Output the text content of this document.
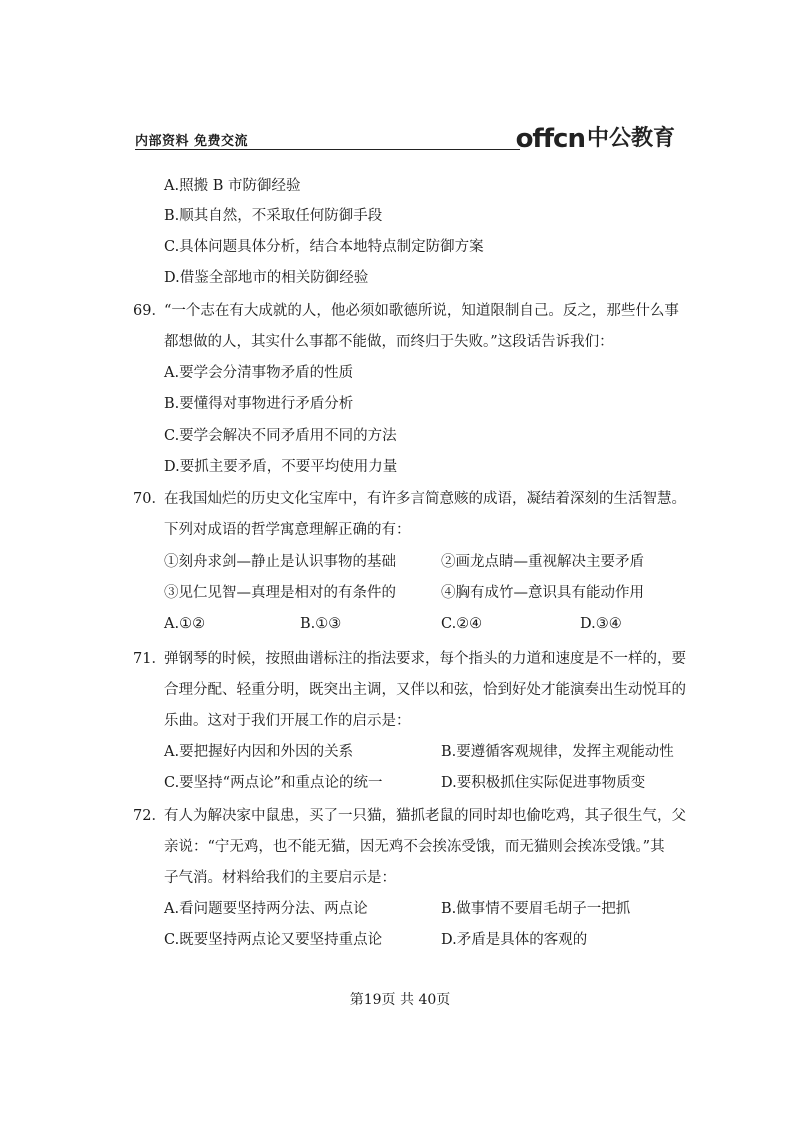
内部资料 免费交流	offcn 中公教育
A.照搬 B 市防御经验
B.顺其自然，不采取任何防御手段
C.具体问题具体分析，结合本地特点制定防御方案
D.借鉴全部地市的相关防御经验
69．
“一个志在有大成就的人，他必须如歌德所说，知道限制自己。反之，那些什么事
都想做的人，其实什么事都不能做，而终归于失败。”这段话告诉我们：
A.要学会分清事物矛盾的性质
B.要懂得对事物进行矛盾分析
C.要学会解决不同矛盾用不同的方法
D.要抓主要矛盾，不要平均使用力量
70．
在我国灿烂的历史文化宝库中，有许多言简意赅的成语，凝结着深刻的生活智慧。
下列对成语的哲学寓意理解正确的有：
①刻舟求剑—静止是认识事物的基础	②画龙点睛—重视解决主要矛盾
③见仁见智—真理是相对的有条件的	④胸有成竹—意识具有能动作用
A.①②	B.①③	C.②④	D.③④
71．
弹钢琴的时候，按照曲谱标注的指法要求，每个指头的力道和速度是不一样的，要
合理分配、轻重分明，既突出主调，又伴以和弦，恰到好处才能演奏出生动悦耳的
乐曲。这对于我们开展工作的启示是：
A.要把握好内因和外因的关系	B.要遵循客观规律，发挥主观能动性
C.要坚持“两点论”和重点论的统一	D.要积极抓住实际促进事物质变
72．
有人为解决家中鼠患，买了一只猫，猫抓老鼠的同时却也偷吃鸡，其子很生气，父
亲说：“宁无鸡，也不能无猫，因无鸡不会挨冻受饿，而无猫则会挨冻受饿。”其
子气消。材料给我们的主要启示是：
A.看问题要坚持两分法、两点论	B.做事情不要眉毛胡子一把抓
C.既要坚持两点论又要坚持重点论	D.矛盾是具体的客观的
第19页 共 40页
